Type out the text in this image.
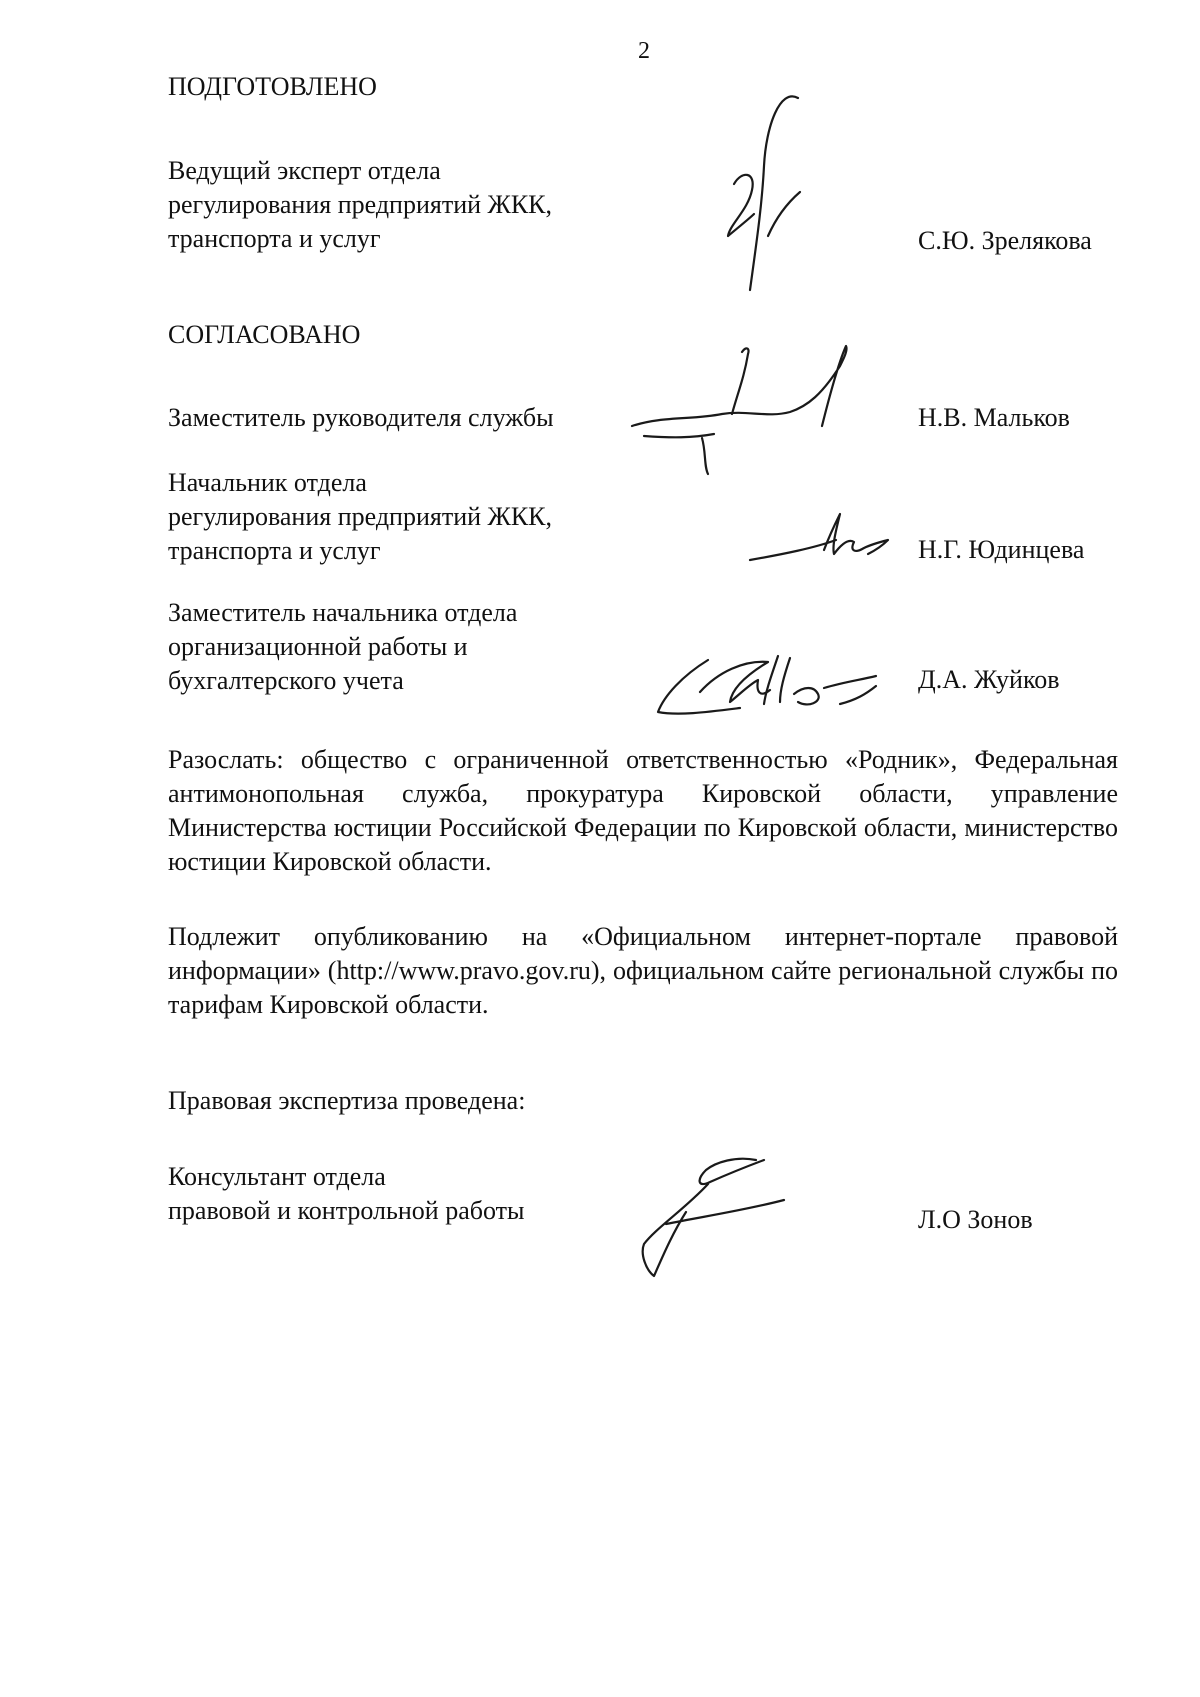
2
ПОДГОТОВЛЕНО
Ведущий эксперт отдела
регулирования предприятий ЖКК,
транспорта и услуг	С.Ю. Зрелякова
СОГЛАСОВАНО
Заместитель руководителя службы	Н.В. Мальков
Начальник отдела
регулирования предприятий ЖКК,
транспорта и услуг	Н.Г. Юдинцева
Заместитель начальника отдела
организационной работы и
бухгалтерского учета	Д.А. Жуйков
Разослать: общество с ограниченной ответственностью «Родник», Федеральная антимонопольная служба, прокуратура Кировской области, управление Министерства юстиции Российской Федерации по Кировской области, министерство юстиции Кировской области.
Подлежит опубликованию на «Официальном интернет-портале правовой информации» (http://www.pravo.gov.ru), официальном сайте региональной службы по тарифам Кировской области.
Правовая экспертиза проведена:
Консультант отдела
правовой и контрольной работы	Л.О Зонов
